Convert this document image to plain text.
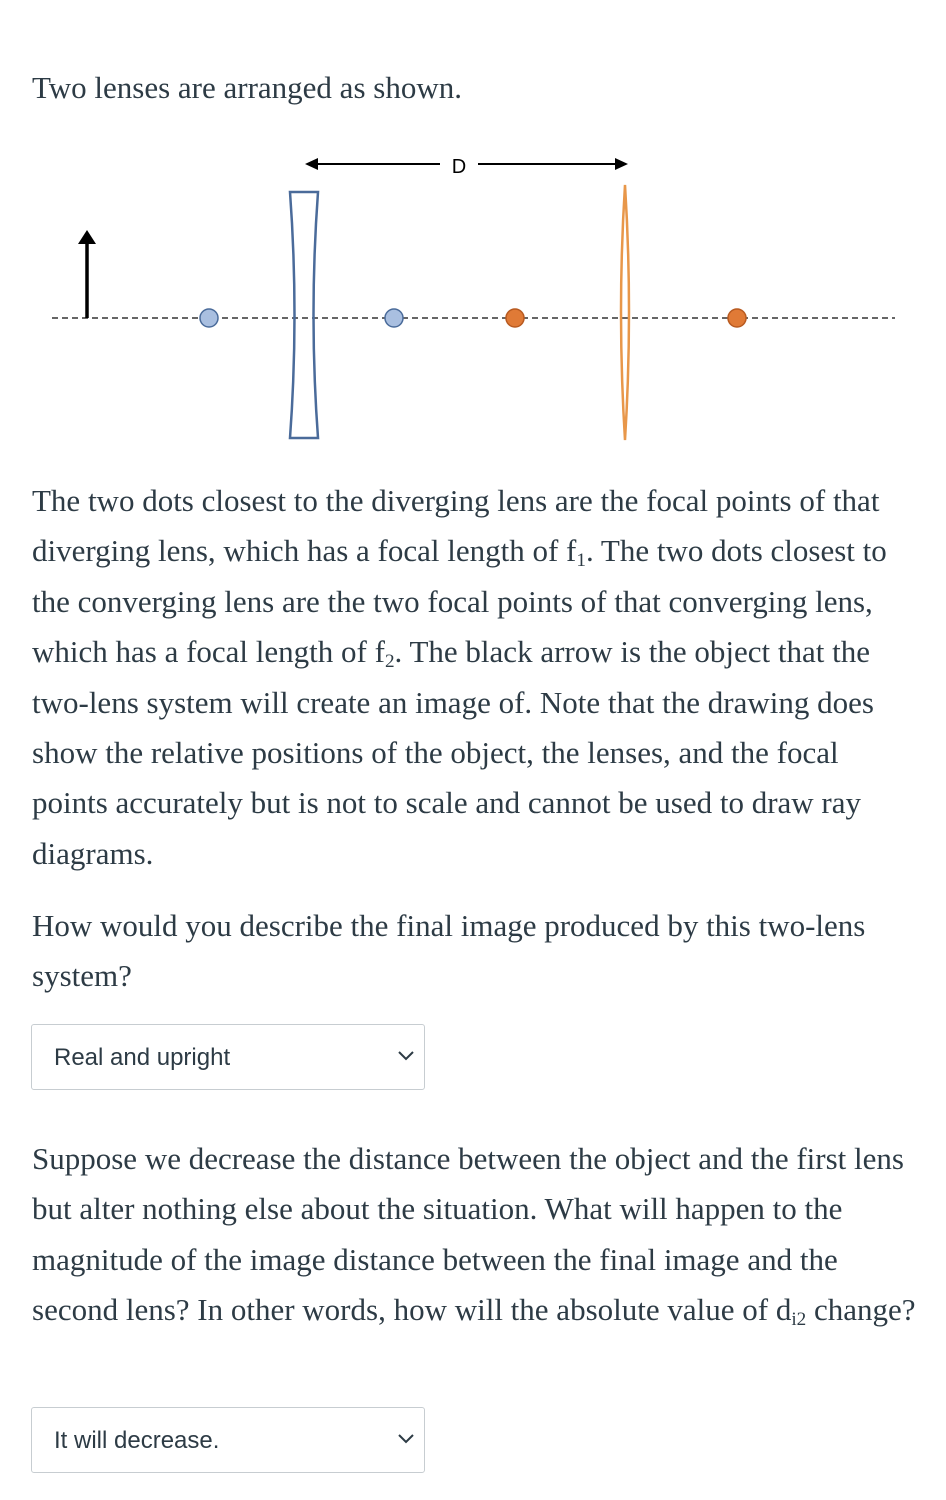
Two lenses are arranged as shown.

D

The two dots closest to the diverging lens are the focal points of that diverging lens, which has a focal length of $f_1$. The two dots closest to the converging lens are the two focal points of that converging lens, which has a focal length of $f_2$. The black arrow is the object that the two-lens system will create an image of. Note that the drawing does show the relative positions of the object, the lenses, and the focal points accurately but is not to scale and cannot be used to draw ray diagrams.

How would you describe the final image produced by this two-lens system?

Real and upright

Suppose we decrease the distance between the object and the first lens but alter nothing else about the situation. What will happen to the magnitude of the image distance between the final image and the second lens? In other words, how will the absolute value of $d_{i2}$ change?

It will decrease.
